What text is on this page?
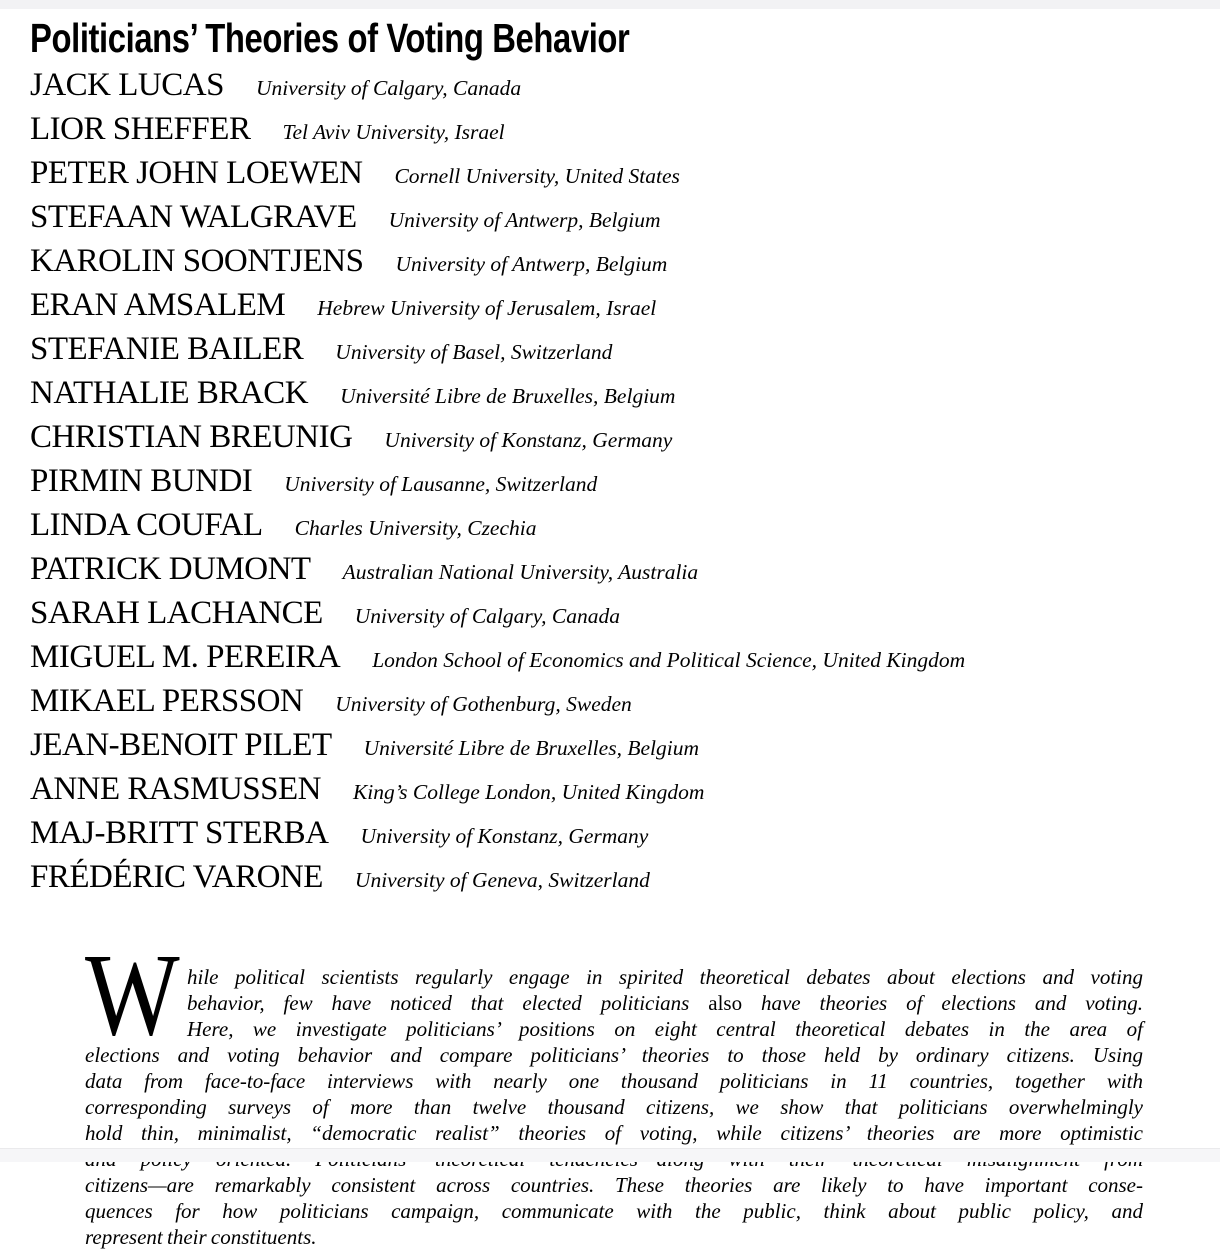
Politicians’ Theories of Voting Behavior
JACK LUCAS University of Calgary, Canada
LIOR SHEFFER Tel Aviv University, Israel
PETER JOHN LOEWEN Cornell University, United States
STEFAAN WALGRAVE University of Antwerp, Belgium
KAROLIN SOONTJENS University of Antwerp, Belgium
ERAN AMSALEM Hebrew University of Jerusalem, Israel
STEFANIE BAILER University of Basel, Switzerland
NATHALIE BRACK Université Libre de Bruxelles, Belgium
CHRISTIAN BREUNIG University of Konstanz, Germany
PIRMIN BUNDI University of Lausanne, Switzerland
LINDA COUFAL Charles University, Czechia
PATRICK DUMONT Australian National University, Australia
SARAH LACHANCE University of Calgary, Canada
MIGUEL M. PEREIRA London School of Economics and Political Science, United Kingdom
MIKAEL PERSSON University of Gothenburg, Sweden
JEAN-BENOIT PILET Université Libre de Bruxelles, Belgium
ANNE RASMUSSEN King’s College London, United Kingdom
MAJ-BRITT STERBA University of Konstanz, Germany
FRÉDÉRIC VARONE University of Geneva, Switzerland
W hile political scientists regularly engage in spirited theoretical debates about elections and voting
behavior, few have noticed that elected politicians also have theories of elections and voting.
Here, we investigate politicians’ positions on eight central theoretical debates in the area of
elections and voting behavior and compare politicians’ theories to those held by ordinary citizens. Using
data from face-to-face interviews with nearly one thousand politicians in 11 countries, together with
corresponding surveys of more than twelve thousand citizens, we show that politicians overwhelmingly
hold thin, minimalist, “democratic realist” theories of voting, while citizens’ theories are more optimistic
citizens—are remarkably consistent across countries. These theories are likely to have important conse-
quences for how politicians campaign, communicate with the public, think about public policy, and
represent their constituents.
